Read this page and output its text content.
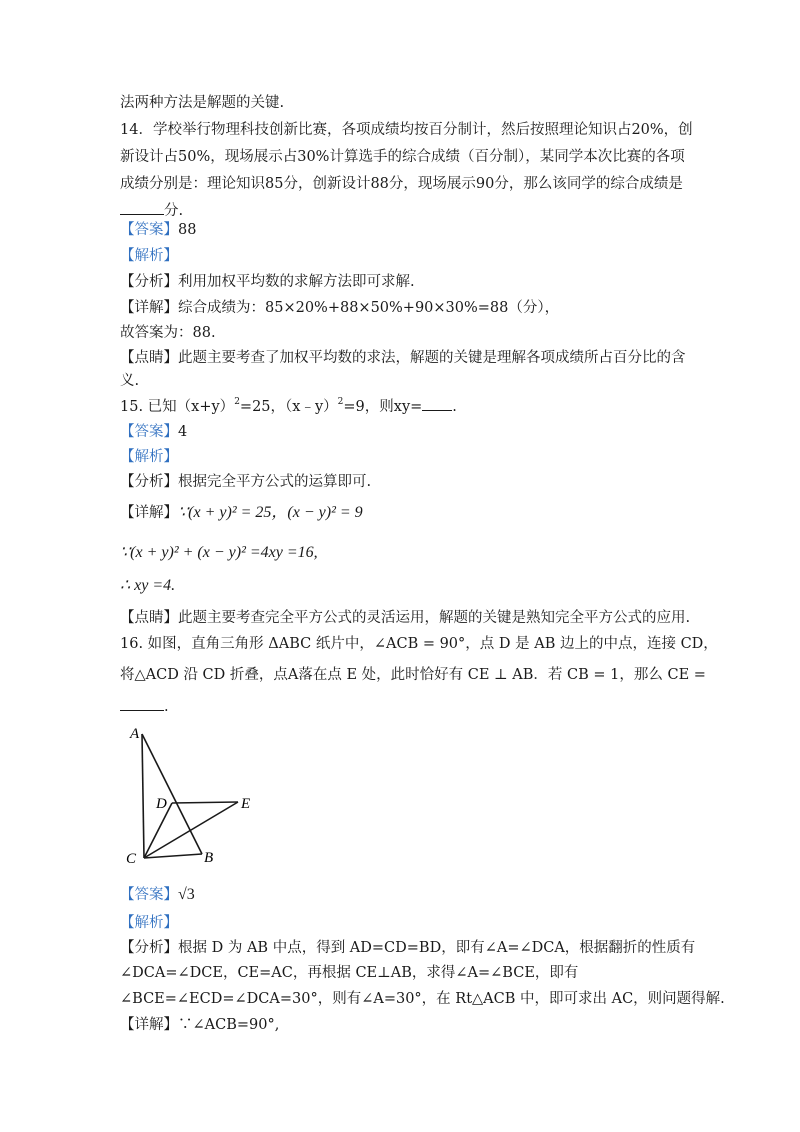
法两种方法是解题的关键.
14．学校举行物理科技创新比赛，各项成绩均按百分制计，然后按照理论知识占20%，创
新设计占50%，现场展示占30%计算选手的综合成绩（百分制），某同学本次比赛的各项
成绩分别是：理论知识85分，创新设计88分，现场展示90分，那么该同学的综合成绩是
分.
【答案】88
【解析】
【分析】利用加权平均数的求解方法即可求解.
【详解】综合成绩为：85×20%+88×50%+90×30%=88（分），
故答案为：88.
【点睛】此题主要考查了加权平均数的求法，解题的关键是理解各项成绩所占百分比的含
义.
15. 已知$(x+y)^2=25$，（x﹣y）$^2$=9，则xy= .
【答案】4
【解析】
【分析】根据完全平方公式的运算即可.
【详解】∵(x + y)² = 25，(x − y)² = 9
∵(x + y)² + (x − y)² =4xy =16,
∴ xy =4.
【点睛】此题主要考查完全平方公式的灵活运用，解题的关键是熟知完全平方公式的应用.
16. 如图，直角三角形 ΔABC 纸片中，∠ACB = 90°，点 D 是 AB 边上的中点，连接 CD，
将△ACD 沿 CD 折叠，点A落在点 E 处，此时恰好有 CE ⊥ AB．若 CB = 1，那么 CE =
.
A
D	E
C	B
【答案】√3
【解析】
【分析】根据 D 为 AB 中点，得到 AD=CD=BD，即有∠A=∠DCA，根据翻折的性质有
∠DCA=∠DCE，CE=AC，再根据 CE⊥AB，求得∠A=∠BCE，即有
∠BCE=∠ECD=∠DCA=30°，则有∠A=30°，在 Rt△ACB 中，即可求出 AC，则问题得解.
【详解】∵∠ACB=90°,
